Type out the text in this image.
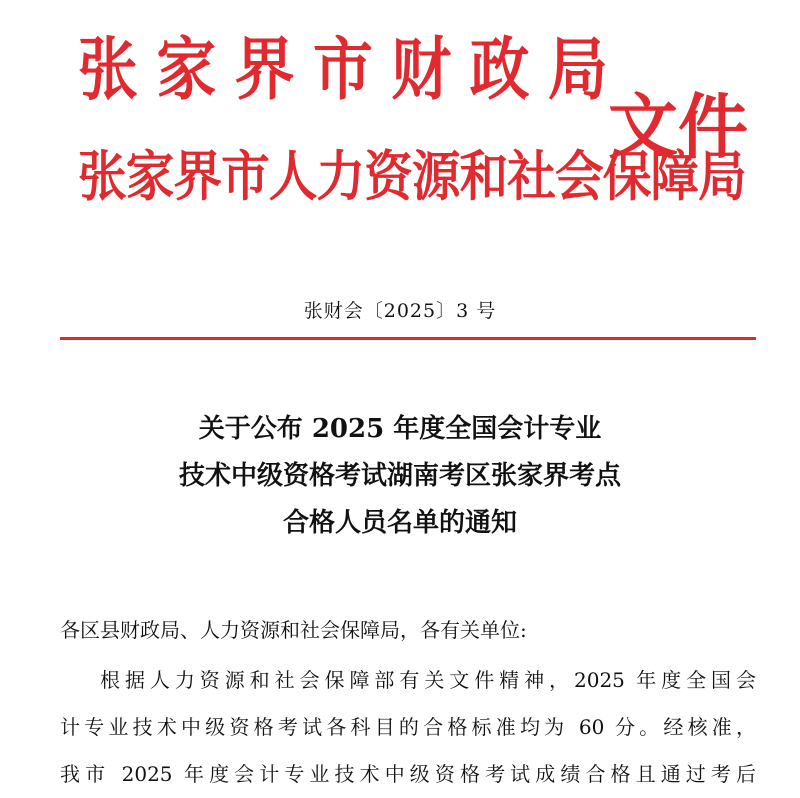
张家界市财政局
张家界市人力资源和社会保障局
文件
张财会〔2025〕3 号
关于公布 2025 年度全国会计专业
技术中级资格考试湖南考区张家界考点
合格人员名单的通知
各区县财政局、人力资源和社会保障局，各有关单位:
根据人力资源和社会保障部有关文件精神，2025 年度全国会
计专业技术中级资格考试各科目的合格标准均为 60 分。经核准，
我市 2025 年度会计专业技术中级资格考试成绩合格且通过考后
